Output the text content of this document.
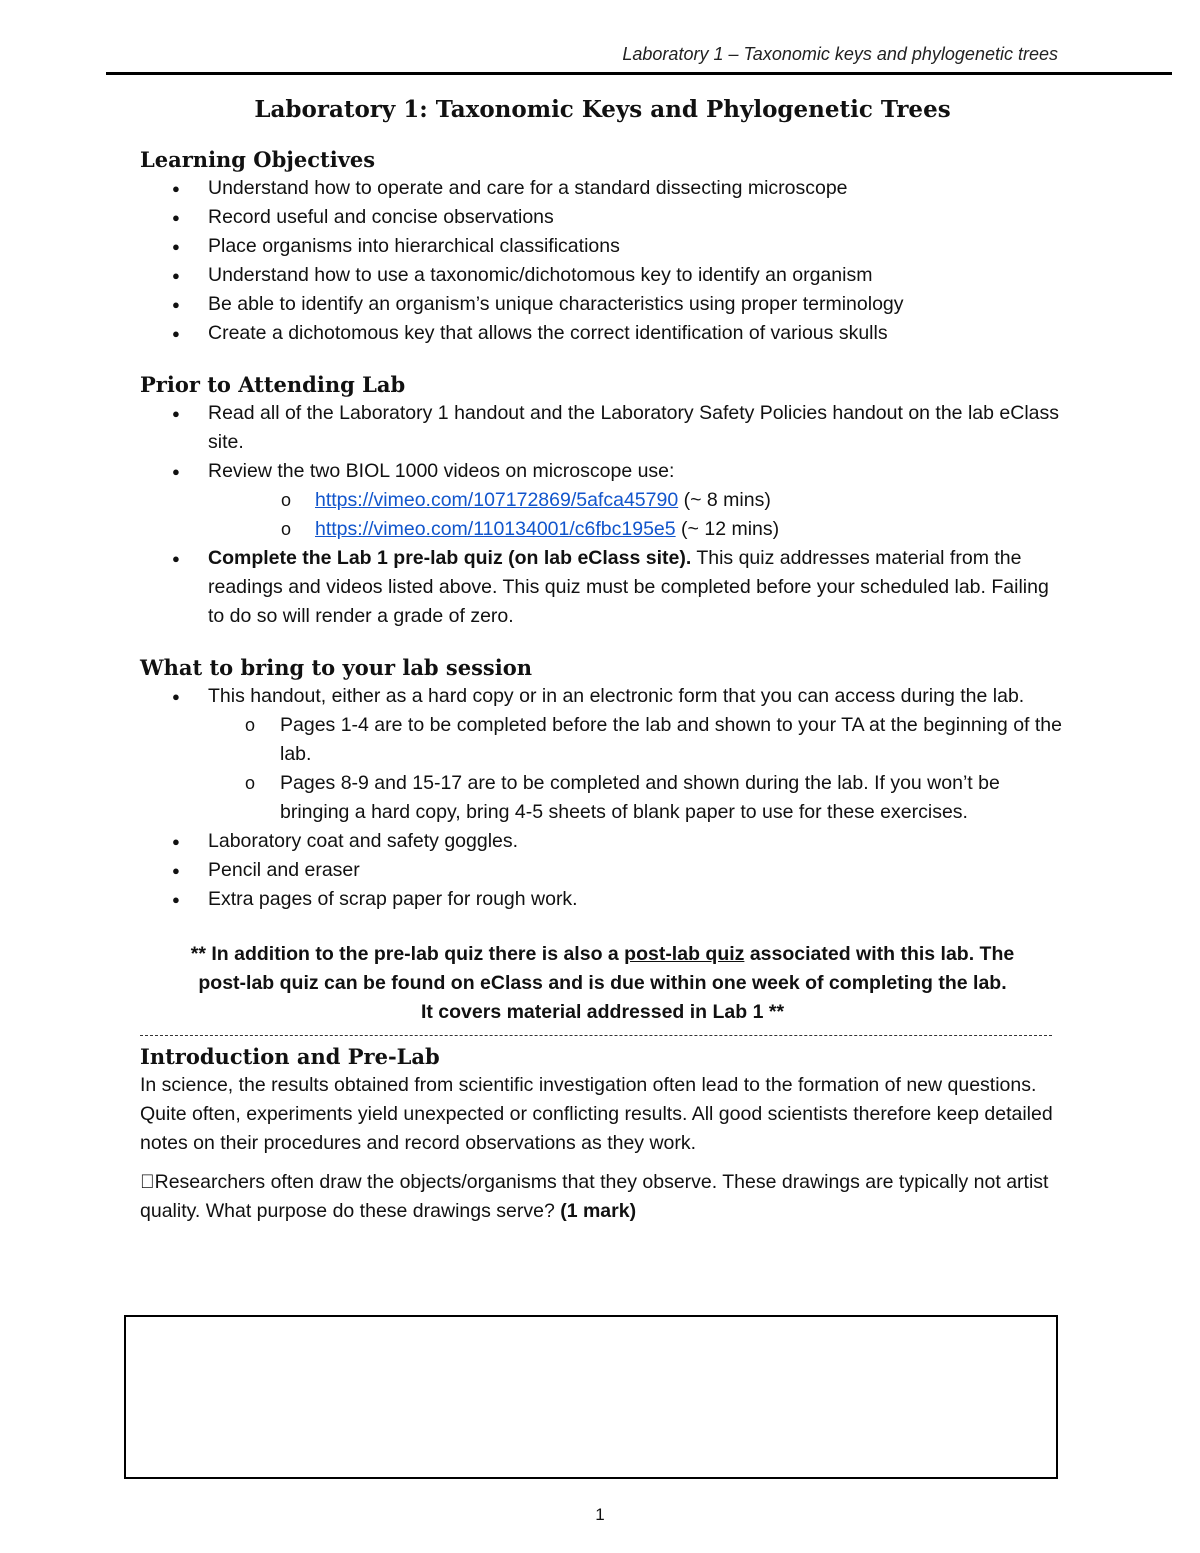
Laboratory 1 – Taxonomic keys and phylogenetic trees
Laboratory 1: Taxonomic Keys and Phylogenetic Trees
Learning Objectives
● Understand how to operate and care for a standard dissecting microscope
● Record useful and concise observations
● Place organisms into hierarchical classifications
● Understand how to use a taxonomic/dichotomous key to identify an organism
● Be able to identify an organism’s unique characteristics using proper terminology
● Create a dichotomous key that allows the correct identification of various skulls
Prior to Attending Lab
● Read all of the Laboratory 1 handout and the Laboratory Safety Policies handout on the lab eClass site.
● Review the two BIOL 1000 videos on microscope use:
o https://vimeo.com/107172869/5afca45790 (~ 8 mins)
o https://vimeo.com/110134001/c6fbc195e5 (~ 12 mins)
● Complete the Lab 1 pre-lab quiz (on lab eClass site). This quiz addresses material from the readings and videos listed above. This quiz must be completed before your scheduled lab. Failing to do so will render a grade of zero.
What to bring to your lab session
● This handout, either as a hard copy or in an electronic form that you can access during the lab.
o Pages 1-4 are to be completed before the lab and shown to your TA at the beginning of the lab.
o Pages 8-9 and 15-17 are to be completed and shown during the lab. If you won’t be bringing a hard copy, bring 4-5 sheets of blank paper to use for these exercises.
● Laboratory coat and safety goggles.
● Pencil and eraser
● Extra pages of scrap paper for rough work.
** In addition to the pre-lab quiz there is also a post-lab quiz associated with this lab. The
post-lab quiz can be found on eClass and is due within one week of completing the lab.
It covers material addressed in Lab 1 **
Introduction and Pre-Lab

In science, the results obtained from scientific investigation often lead to the formation of new questions. Quite often, experiments yield unexpected or conflicting results. All good scientists therefore keep detailed notes on their procedures and record observations as they work.

Researchers often draw the objects/organisms that they observe. These drawings are typically not artist quality. What purpose do these drawings serve? (1 mark)

1
